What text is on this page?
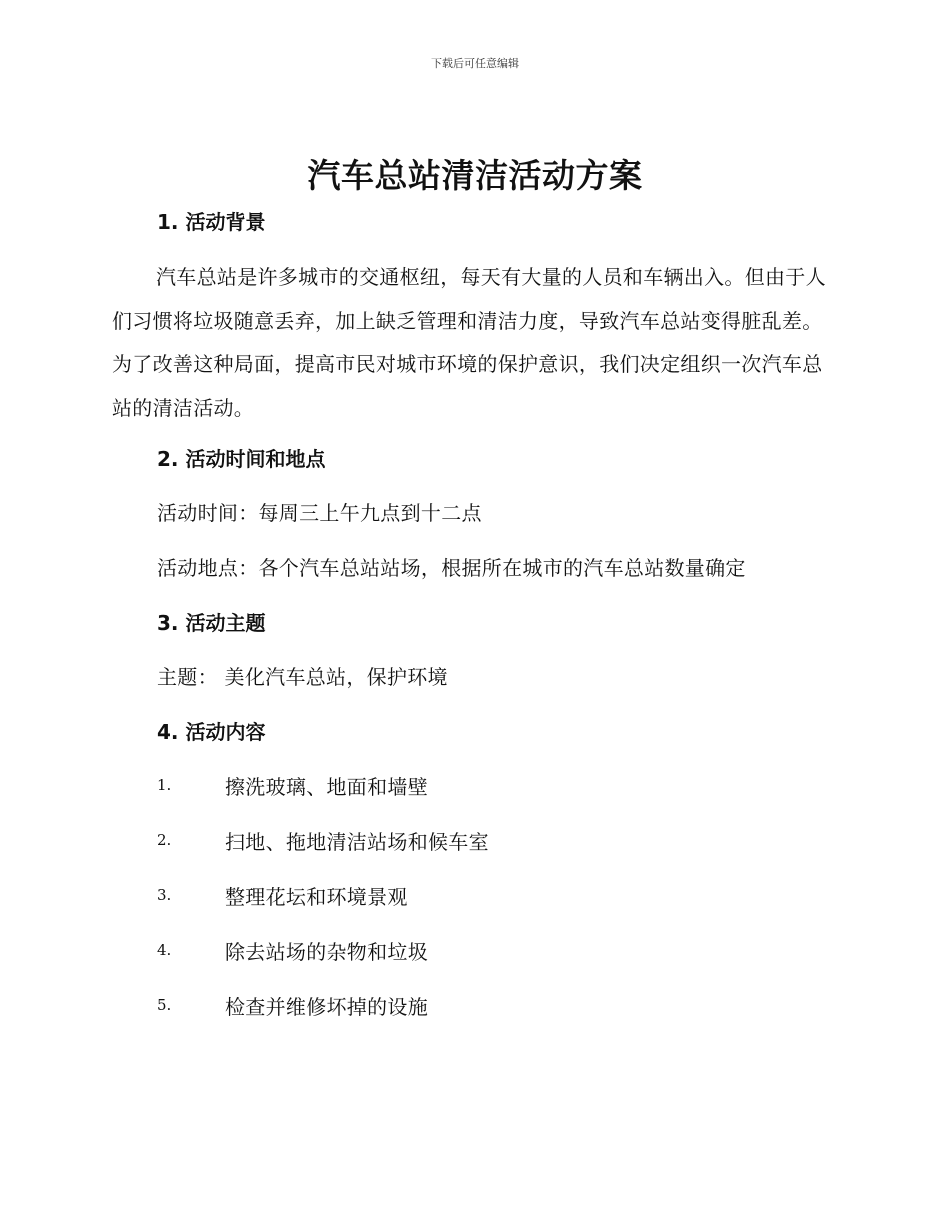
下载后可任意编辑
汽车总站清洁活动方案
1. 活动背景

汽车总站是许多城市的交通枢纽，每天有大量的人员和车辆出入。但由于人们习惯将垃圾随意丢弃，加上缺乏管理和清洁力度，导致汽车总站变得脏乱差。为了改善这种局面，提高市民对城市环境的保护意识，我们决定组织一次汽车总站的清洁活动。

2. 活动时间和地点

活动时间：每周三上午九点到十二点

活动地点：各个汽车总站站场，根据所在城市的汽车总站数量确定

3. 活动主题

主题： 美化汽车总站，保护环境

4. 活动内容
1.	擦洗玻璃、地面和墙壁
2.	扫地、拖地清洁站场和候车室
3.	整理花坛和环境景观
4.	除去站场的杂物和垃圾
5.	检查并维修坏掉的设施
